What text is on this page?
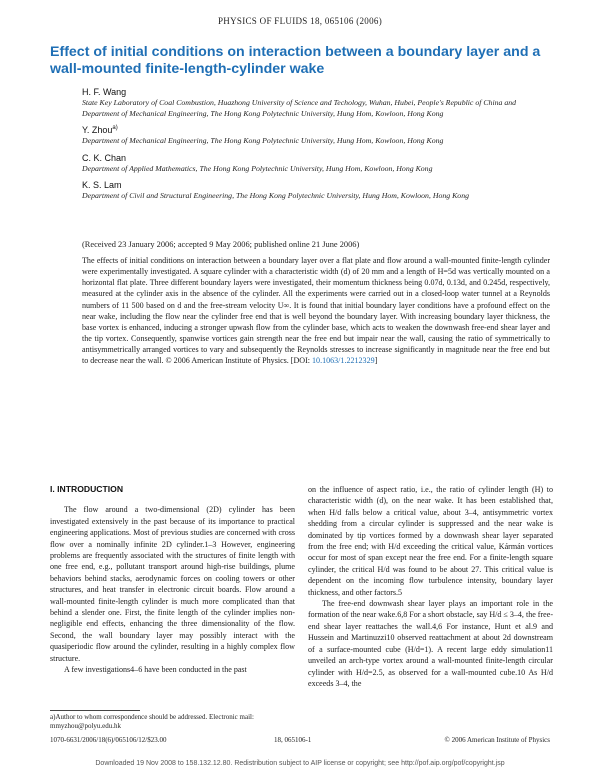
PHYSICS OF FLUIDS 18, 065106 (2006)
Effect of initial conditions on interaction between a boundary layer and a wall-mounted finite-length-cylinder wake
H. F. Wang
State Key Laboratory of Coal Combustion, Huazhong University of Science and Techology, Wuhan, Hubei, People's Republic of China and Department of Mechanical Engineering, The Hong Kong Polytechnic University, Hung Hom, Kowloon, Hong Kong
Y. Zhou$^{a)}$
Department of Mechanical Engineering, The Hong Kong Polytechnic University, Hung Hom, Kowloon, Hong Kong
C. K. Chan
Department of Applied Mathematics, The Hong Kong Polytechnic University, Hung Hom, Kowloon, Hong Kong
K. S. Lam
Department of Civil and Structural Engineering, The Hong Kong Polytechnic University, Hung Hom, Kowloon, Hong Kong
(Received 23 January 2006; accepted 9 May 2006; published online 21 June 2006)

The effects of initial conditions on interaction between a boundary layer over a flat plate and flow around a wall-mounted finite-length cylinder were experimentally investigated. A square cylinder with a characteristic width (d) of 20 mm and a length of H=5d was vertically mounted on a horizontal flat plate. Three different boundary layers were investigated, their momentum thickness being 0.07d, 0.13d, and 0.245d, respectively, measured at the cylinder axis in the absence of the cylinder. All the experiments were carried out in a closed-loop water tunnel at a Reynolds numbers of 11 500 based on d and the free-stream velocity U∞. It is found that initial boundary layer conditions have a profound effect on the near wake, including the flow near the cylinder free end that is well beyond the boundary layer. With increasing boundary layer thickness, the base vortex is enhanced, inducing a stronger upwash flow from the cylinder base, which acts to weaken the downwash free-end shear layer and the tip vortex. Consequently, spanwise vortices gain strength near the free end but impair near the wall, causing the ratio of symmetrically to antisymmetrically arranged vortices to vary and subsequently the Reynolds stresses to increase significantly in magnitude near the free end but to decrease near the wall. © 2006 American Institute of Physics. [DOI: 10.1063/1.2212329]

I. INTRODUCTION

The flow around a two-dimensional (2D) cylinder has been investigated extensively in the past because of its importance to practical engineering applications. Most of previous studies are concerned with cross flow over a nominally infinite 2D cylinder.1–3 However, engineering problems are frequently associated with the structures of finite length with one free end, e.g., pollutant transport around high-rise buildings, plume behaviors behind stacks, aerodynamic forces on cooling towers or other structures, and heat transfer in electronic circuit boards. Flow around a wall-mounted finite-length cylinder is much more complicated than that behind a slender one. First, the finite length of the cylinder implies non-negligible end effects, enhancing the three dimensionality of the flow. Second, the wall boundary layer may possibly interact with the quasiperiodic flow around the cylinder, resulting in a highly complex flow structure.

A few investigations4–6 have been conducted in the past

on the influence of aspect ratio, i.e., the ratio of cylinder length (H) to characteristic width (d), on the near wake. It has been established that, when H/d falls below a critical value, about 3–4, antisymmetric vortex shedding from a circular cylinder is suppressed and the near wake is dominated by tip vortices formed by a downwash shear layer separated from the free end; with H/d exceeding the critical value, Kármán vortices occur for most of span except near the free end. For a finite-length square cylinder, the critical H/d was found to be about 27. This critical value is dependent on the incoming flow turbulence intensity, boundary layer thickness, and other factors.5

The free-end downwash shear layer plays an important role in the formation of the near wake.6,8 For a short obstacle, say H/d ≤ 3–4, the free-end shear layer reattaches the wall.4,6 For instance, Hunt et al.9 and Hussein and Martinuzzi10 observed reattachment at about 2d downstream of a surface-mounted cube (H/d=1). A recent large eddy simulation11 unveiled an arch-type vortex around a wall-mounted finite-length circular cylinder with H/d=2.5, as observed for a wall-mounted cube.10 As H/d exceeds 3–4, the

a)Author to whom correspondence should be addressed. Electronic mail: mmyzhou@polyu.edu.hk
1070-6631/2006/18(6)/065106/12/$23.00	18, 065106-1	© 2006 American Institute of Physics
Downloaded 19 Nov 2008 to 158.132.12.80. Redistribution subject to AIP license or copyright; see http://pof.aip.org/pof/copyright.jsp
